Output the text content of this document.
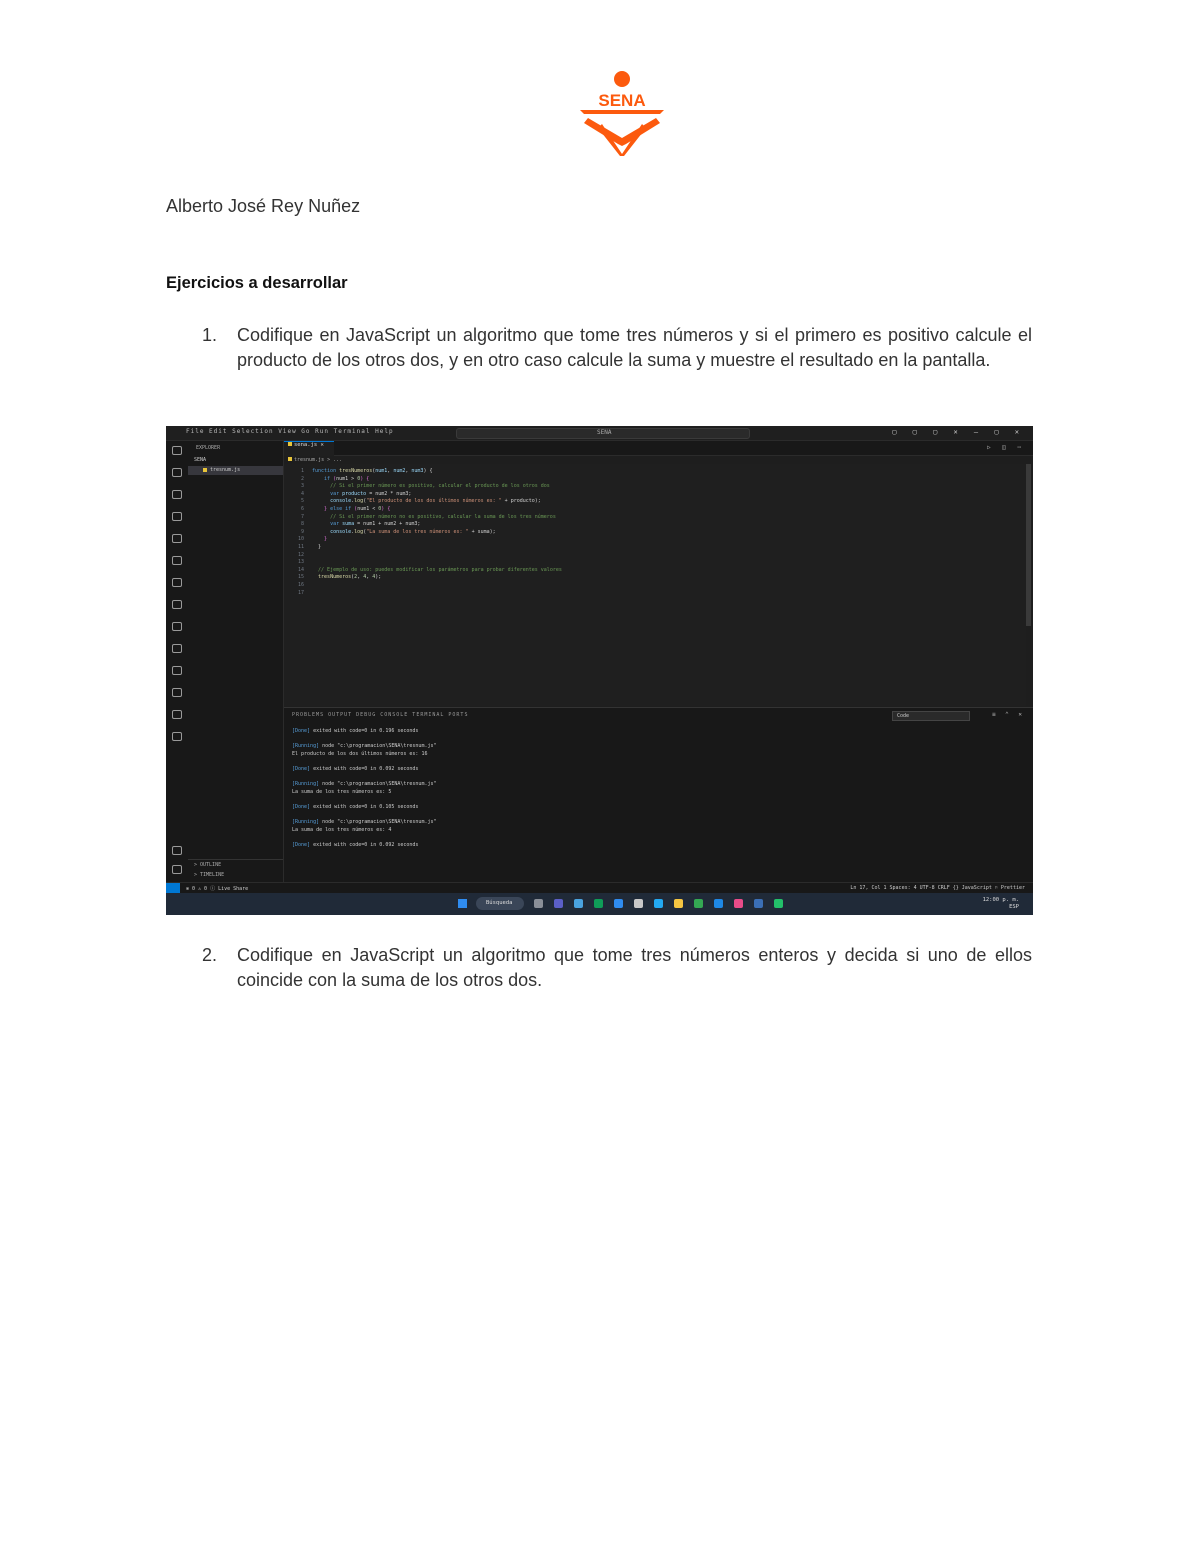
SENA
Alberto José Rey Nuñez
Ejercicios a desarrollar
1. Codifique en JavaScript un algoritmo que tome tres números y si el primero es positivo calcule el producto de los otros dos, y en otro caso calcule la suma y muestre el resultado en la pantalla.
File Edit Selection View Go Run Terminal Help	SENA	▢ ▢ ▢ ✕ — ▢ ✕
EXPLORER
SENA
tresnum.js
> OUTLINE
> TIMELINE
sena.js ✕	▷ ◫ ⋯
tresnum.js > ...
1
2
3
4
5
6
7
8
9
10
11
12
13
14
15
16
17
function tresNumeros(num1, num2, num3) {
if (num1 > 0) {
// Si el primer número es positivo, calcular el producto de los otros dos
var producto = num2 * num3;
console.log("El producto de los dos últimos números es: " + producto);
} else if (num1 < 0) {
// Si el primer número no es positivo, calcular la suma de los tres números
var suma = num1 + num2 + num3;
console.log("La suma de los tres números es: " + suma);
}
}

// Ejemplo de uso: puedes modificar los parámetros para probar diferentes valores
tresNumeros(2, 4, 4);

PROBLEMS OUTPUT DEBUG CONSOLE TERMINAL PORTS	Code	≡ ⌃ ✕
[Done] exited with code=0 in 0.196 seconds
[Running] node "c:\programacion\SENA\tresnum.js"
El producto de los dos últimos números es: 16
[Done] exited with code=0 in 0.092 seconds
[Running] node "c:\programacion\SENA\tresnum.js"
La suma de los tres números es: 5
[Done] exited with code=0 in 0.105 seconds
[Running] node "c:\programacion\SENA\tresnum.js"
La suma de los tres números es: 4
[Done] exited with code=0 in 0.092 seconds
⊗ 0 ⚠ 0 ⓘ Live Share	Ln 17, Col 1 Spaces: 4 UTF-8 CRLF {} JavaScript ⚐ Prettier
Búsqueda	12:00 p. m.
ESP
2. Codifique en JavaScript un algoritmo que tome tres números enteros y decida si uno de ellos coincide con la suma de los otros dos.
